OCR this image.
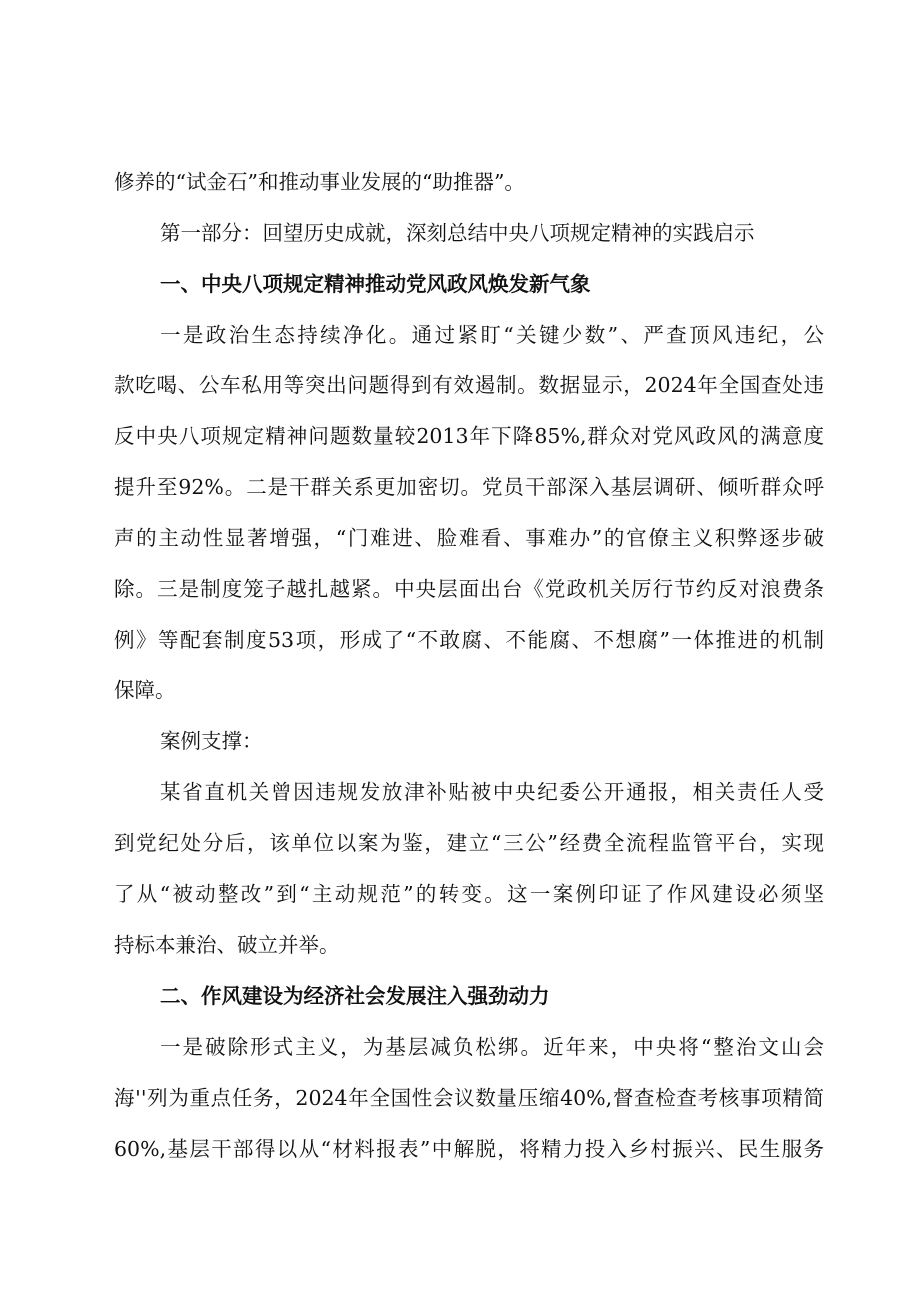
修养的“试金石”和推动事业发展的“助推器”。
第一部分：回望历史成就，深刻总结中央八项规定精神的实践启示
一、中央八项规定精神推动党风政风焕发新气象
一是政治生态持续净化。通过紧盯“关键少数”、严查顶风违纪，公
款吃喝、公车私用等突出问题得到有效遏制。数据显示，2024年全国查处违
反中央八项规定精神问题数量较2013年下降85%,群众对党风政风的满意度
提升至92%。二是干群关系更加密切。党员干部深入基层调研、倾听群众呼
声的主动性显著增强，“门难进、脸难看、事难办”的官僚主义积弊逐步破
除。三是制度笼子越扎越紧。中央层面出台《党政机关厉行节约反对浪费条
例》等配套制度53项，形成了“不敢腐、不能腐、不想腐”一体推进的机制
保障。
案例支撑：
某省直机关曾因违规发放津补贴被中央纪委公开通报，相关责任人受
到党纪处分后，该单位以案为鉴，建立“三公”经费全流程监管平台，实现
了从“被动整改”到“主动规范”的转变。这一案例印证了作风建设必须坚
持标本兼治、破立并举。
二、作风建设为经济社会发展注入强劲动力
一是破除形式主义，为基层减负松绑。近年来，中央将“整治文山会
海''列为重点任务，2024年全国性会议数量压缩40%,督查检查考核事项精简
60%,基层干部得以从“材料报表”中解脱，将精力投入乡村振兴、民生服务
